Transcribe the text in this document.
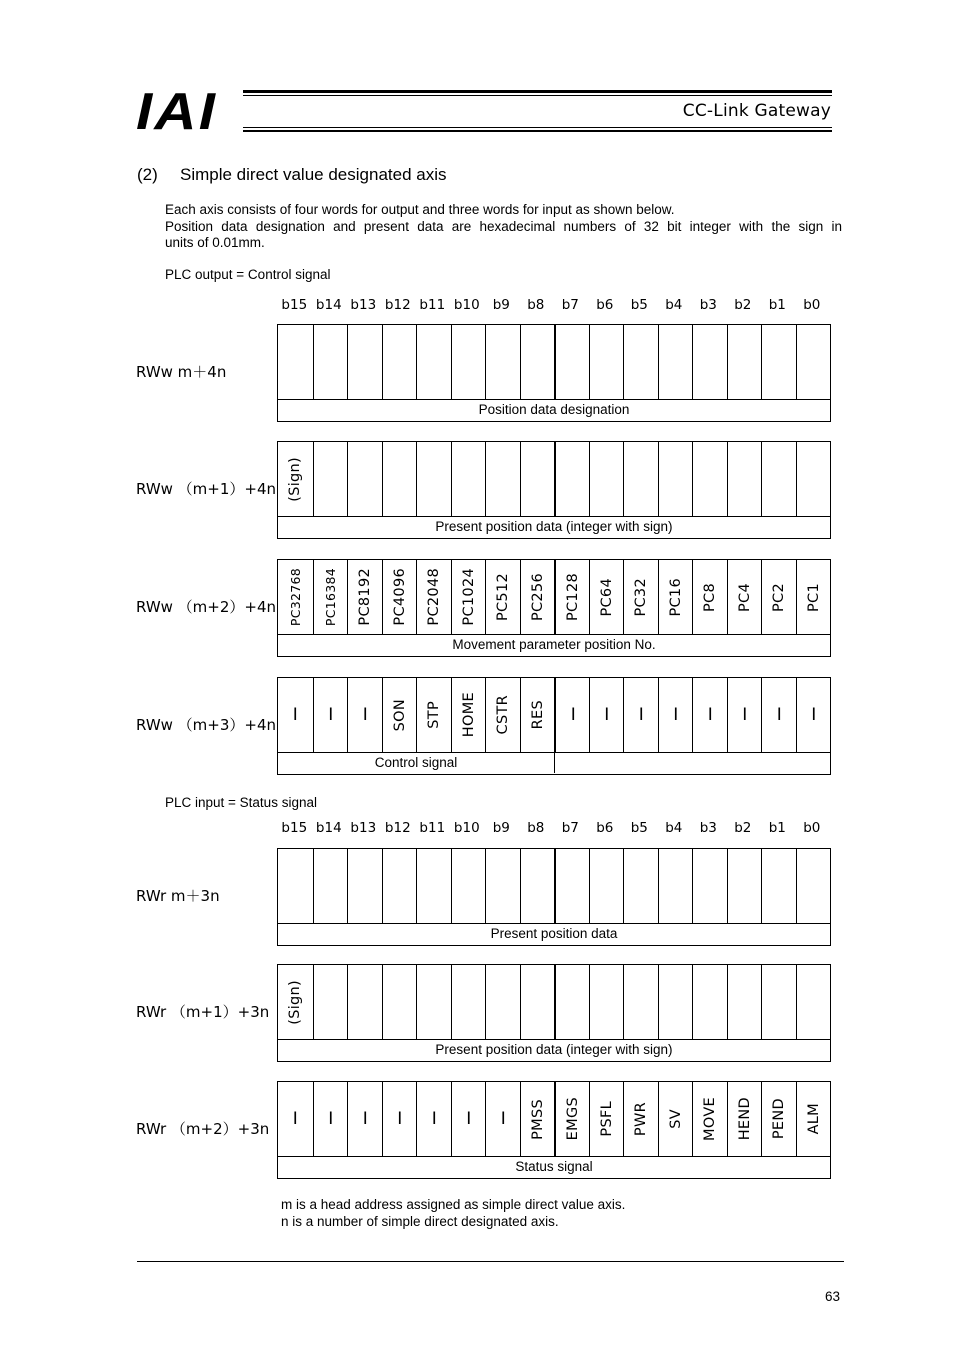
IAI	CC-Link Gateway
(2) Simple direct value designated axis
Each axis consists of four words for output and three words for input as shown below.
Position data designation and present data are hexadecimal numbers of 32 bit integer with the sign in
units of 0.01mm.
PLC output = Control signal
PLC input = Status signal
b15 b14 b13 b12 b11 b10 b9	b8	b7	b6	b5	b4	b3	b2	b1	b0
RWw m＋4n
Position data designation
RWw （m+1）+4n (Sign)
Present position data (integer with sign)
RWw （m+2）+4n PC32768 PC16384 PC8192 PC4096 PC2048 PC1024 PC512 PC256 PC128 PC64 PC32 PC16 PC8 PC4 PC2 PC1
Movement parameter position No.
RWw （m+3）+4n I I I SON STP HOME CSTR RES I I I I I I I I
Control signal
b15 b14 b13 b12 b11 b10 b9	b8	b7	b6	b5	b4	b3	b2	b1	b0
RWr m＋3n
Present position data
RWr （m+1）+3n (Sign)
Present position data (integer with sign)
RWr （m+2）+3n I I I I I I I PMSS EMGS PSFL PWR SV MOVE HEND PEND ALM
Status signal
m is a head address assigned as simple direct value axis.
n is a number of simple direct designated axis.
63
